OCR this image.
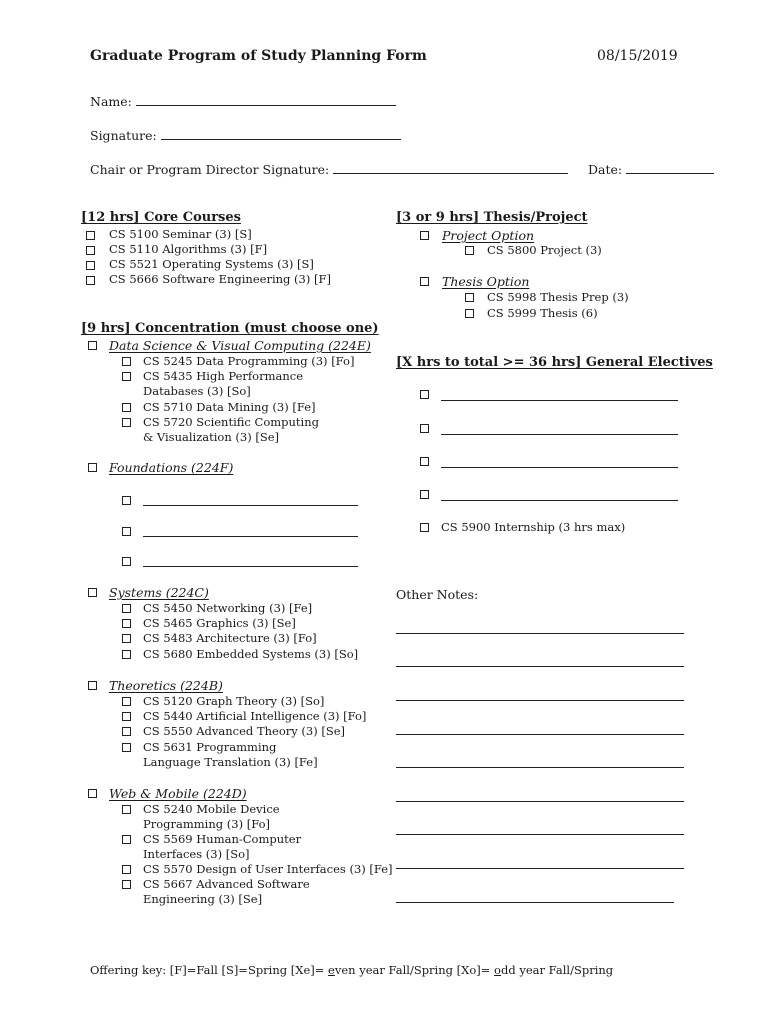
Graduate Program of Study Planning Form	08/15/2019
Name:
Signature:
Chair or Program Director Signature:	Date:
[12 hrs] Core Courses
CS 5100 Seminar (3) [S]
CS 5110 Algorithms (3) [F]
CS 5521 Operating Systems (3) [S]
CS 5666 Software Engineering (3) [F]
[9 hrs] Concentration (must choose one)
Data Science & Visual Computing (224E)
CS 5245 Data Programming (3) [Fo]
CS 5435 High Performance Databases (3) [So]
CS 5710 Data Mining (3) [Fe]
CS 5720 Scientific Computing & Visualization (3) [Se]
Foundations (224F)
Systems (224C)
CS 5450 Networking (3) [Fe]
CS 5465 Graphics (3) [Se]
CS 5483 Architecture (3) [Fo]
CS 5680 Embedded Systems (3) [So]
Theoretics (224B)
CS 5120 Graph Theory (3) [So]
CS 5440 Artificial Intelligence (3) [Fo]
CS 5550 Advanced Theory (3) [Se]
CS 5631 Programming Language Translation (3) [Fe]
Web & Mobile (224D)
CS 5240 Mobile Device Programming (3) [Fo]
CS 5569 Human-Computer Interfaces (3) [So]
CS 5570 Design of User Interfaces (3) [Fe]
CS 5667 Advanced Software Engineering (3) [Se]
[3 or 9 hrs] Thesis/Project
Project Option
CS 5800 Project (3)
Thesis Option
CS 5998 Thesis Prep (3)
CS 5999 Thesis (6)
[X hrs to total >= 36 hrs] General Electives
CS 5900 Internship (3 hrs max)
Other Notes:
Offering key: [F]=Fall [S]=Spring [Xe]= even year Fall/Spring [Xo]= odd year Fall/Spring
